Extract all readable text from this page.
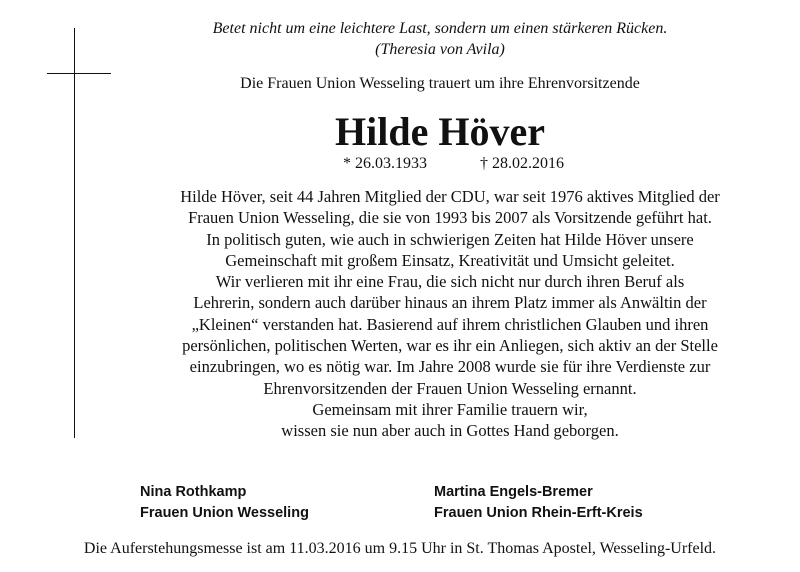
Betet nicht um eine leichtere Last, sondern um einen stärkeren Rücken.
(Theresia von Avila)
Die Frauen Union Wesseling trauert um ihre Ehrenvorsitzende
Hilde Höver
* 26.03.1933	† 28.02.2016
Hilde Höver, seit 44 Jahren Mitglied der CDU, war seit 1976 aktives Mitglied der
Frauen Union Wesseling, die sie von 1993 bis 2007 als Vorsitzende geführt hat.
In politisch guten, wie auch in schwierigen Zeiten hat Hilde Höver unsere
Gemeinschaft mit großem Einsatz, Kreativität und Umsicht geleitet.
Wir verlieren mit ihr eine Frau, die sich nicht nur durch ihren Beruf als
Lehrerin, sondern auch darüber hinaus an ihrem Platz immer als Anwältin der
„Kleinen“ verstanden hat. Basierend auf ihrem christlichen Glauben und ihren
persönlichen, politischen Werten, war es ihr ein Anliegen, sich aktiv an der Stelle
einzubringen, wo es nötig war. Im Jahre 2008 wurde sie für ihre Verdienste zur
Ehrenvorsitzenden der Frauen Union Wesseling ernannt.
Gemeinsam mit ihrer Familie trauern wir,
wissen sie nun aber auch in Gottes Hand geborgen.
Nina Rothkamp
Frauen Union Wesseling
Martina Engels-Bremer
Frauen Union Rhein-Erft-Kreis
Die Auferstehungsmesse ist am 11.03.2016 um 9.15 Uhr in St. Thomas Apostel, Wesseling-Urfeld.
